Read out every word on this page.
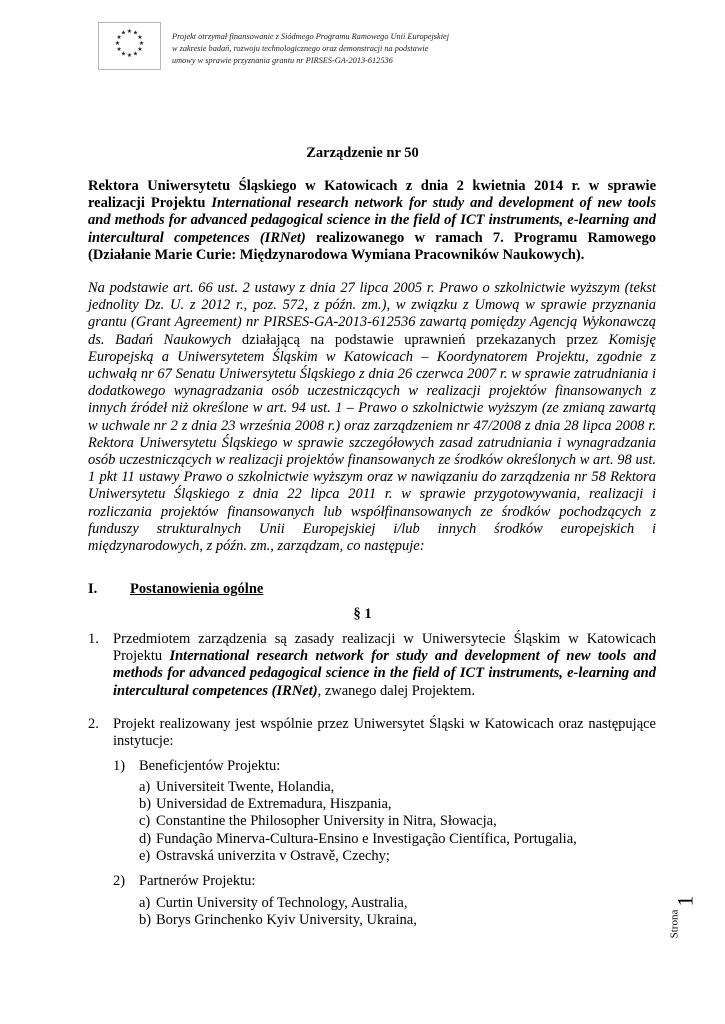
★ ★
★
★
★
★
★
★
★
★
★
★	Projekt otrzymał finansowanie z Siódmego Programu Ramowego Unii Europejskiej
w zakresie badań, rozwoju technologicznego oraz demonstracji na podstawie
umowy w sprawie przyznania grantu nr PIRSES-GA-2013-612536
Zarządzenie nr 50
Rektora Uniwersytetu Śląskiego w Katowicach z dnia 2 kwietnia 2014 r. w sprawie realizacji Projektu International research network for study and development of new tools and methods for advanced pedagogical science in the field of ICT instruments, e-learning and intercultural competences (IRNet) realizowanego w ramach 7. Programu Ramowego (Działanie Marie Curie: Międzynarodowa Wymiana Pracowników Naukowych).
Na podstawie art. 66 ust. 2 ustawy z dnia 27 lipca 2005 r. Prawo o szkolnictwie wyższym (tekst jednolity Dz. U. z 2012 r., poz. 572, z późn. zm.), w związku z Umową w sprawie przyznania grantu (Grant Agreement) nr PIRSES-GA-2013-612536 zawartą pomiędzy Agencją Wykonawczą ds. Badań Naukowych działającą na podstawie uprawnień przekazanych przez Komisję Europejską a Uniwersytetem Śląskim w Katowicach – Koordynatorem Projektu, zgodnie z uchwałą nr 67 Senatu Uniwersytetu Śląskiego z dnia 26 czerwca 2007 r. w sprawie zatrudniania i dodatkowego wynagradzania osób uczestniczących w realizacji projektów finansowanych z innych źródeł niż określone w art. 94 ust. 1 – Prawo o szkolnictwie wyższym (ze zmianą zawartą w uchwale nr 2 z dnia 23 września 2008 r.) oraz zarządzeniem nr 47/2008 z dnia 28 lipca 2008 r. Rektora Uniwersytetu Śląskiego w sprawie szczegółowych zasad zatrudniania i wynagradzania osób uczestniczących w realizacji projektów finansowanych ze środków określonych w art. 98 ust. 1 pkt 11 ustawy Prawo o szkolnictwie wyższym oraz w nawiązaniu do zarządzenia nr 58 Rektora Uniwersytetu Śląskiego z dnia 22 lipca 2011 r. w sprawie przygotowywania, realizacji i rozliczania projektów finansowanych lub współfinansowanych ze środków pochodzących z funduszy strukturalnych Unii Europejskiej i/lub innych środków europejskich i międzynarodowych, z późn. zm., zarządzam, co następuje:
I. Postanowienia ogólne
§ 1
1. Przedmiotem zarządzenia są zasady realizacji w Uniwersytecie Śląskim w Katowicach Projektu International research network for study and development of new tools and methods for advanced pedagogical science in the field of ICT instruments, e-learning and intercultural competences (IRNet), zwanego dalej Projektem.
2. Projekt realizowany jest wspólnie przez Uniwersytet Śląski w Katowicach oraz następujące instytucje:
1) Beneficjentów Projektu:
a) Universiteit Twente, Holandia,
b) Universidad de Extremadura, Hiszpania,
c) Constantine the Philosopher University in Nitra, Słowacja,
d) Fundação Minerva-Cultura-Ensino e Investigação Científica, Portugalia,
e) Ostravská univerzita v Ostravě, Czechy;
2) Partnerów Projektu:
a) Curtin University of Technology, Australia,
b) Borys Grinchenko Kyiv University, Ukraina,
1
Strona
